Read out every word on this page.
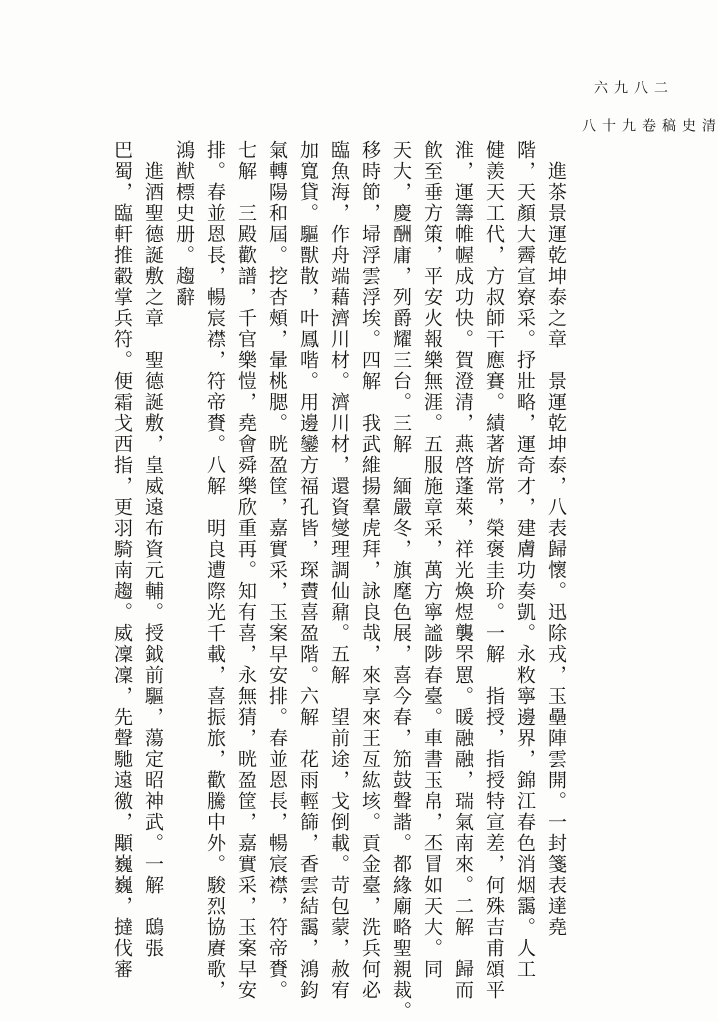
二八九六
清史稿卷九十八
進茶景運乾坤泰之章　景運乾坤泰，八表歸懷。迅除戎，玉壘陣雲開。一封箋表達堯
階，天顏大霽宣寮采。抒壯略，運奇才，建膚功奏凱。永敉寧邊界，錦江春色消烟靄。人工
健羨天工代，方叔師干應賽。績著旂常，榮褒圭玠。一解　指授，指授特宣差，何殊吉甫頌平
淮，運籌帷幄成功快。賀澄清，燕啓蓬萊，祥光煥煜襲罘罳。暖融融，瑞氣南來。二解　歸而
飮至垂方策，平安火報樂無涯。五服施章采，萬方寧謐陟春臺。車書玉帛，丕冒如天大。同
天大，慶酬庸，列爵耀三台。三解　緬嚴冬，旗麾色展，喜今春，笳鼓聲諧。都緣廟略聖親裁。
移時節，埽浮雲浮埃。四解　我武維揚羣虎拜，詠良哉，來享來王亙紘垓。貢金臺，洗兵何必
臨魚海，作舟端藉濟川材。濟川材，還資燮理調仙鼐。五解　望前途，戈倒載。苛包蒙，赦宥
加寬貸。驅獸散，叶鳳喈。用邊鑾方福孔皆，琛賮喜盈階。六解　花雨輕篩，香雲結靄，鴻鈞
氣轉陽和屆。挖杏頰，暈桃腮。晄盈筐，嘉實采，玉案早安排。春並恩長，暢宸襟，符帝賚。
七解　三殿歡譜，千官樂愷，堯會舜樂欣重再。知有喜，永無猜，晄盈筐，嘉實采，玉案早安
排。春並恩長，暢宸襟，符帝賚。八解　明良遭際光千載，喜振旅，歡騰中外。駿烈協賡歌，
鴻猷標史册。趨辭
進酒聖德誕敷之章　聖德誕敷，皇威遠布資元輔。授鉞前驅，蕩定昭神武。一解　鴟張
巴蜀，臨軒推轂掌兵符。便霜戈西指，更羽騎南趨。威凜凜，先聲馳遠徼，顒巍巍，撻伐審
